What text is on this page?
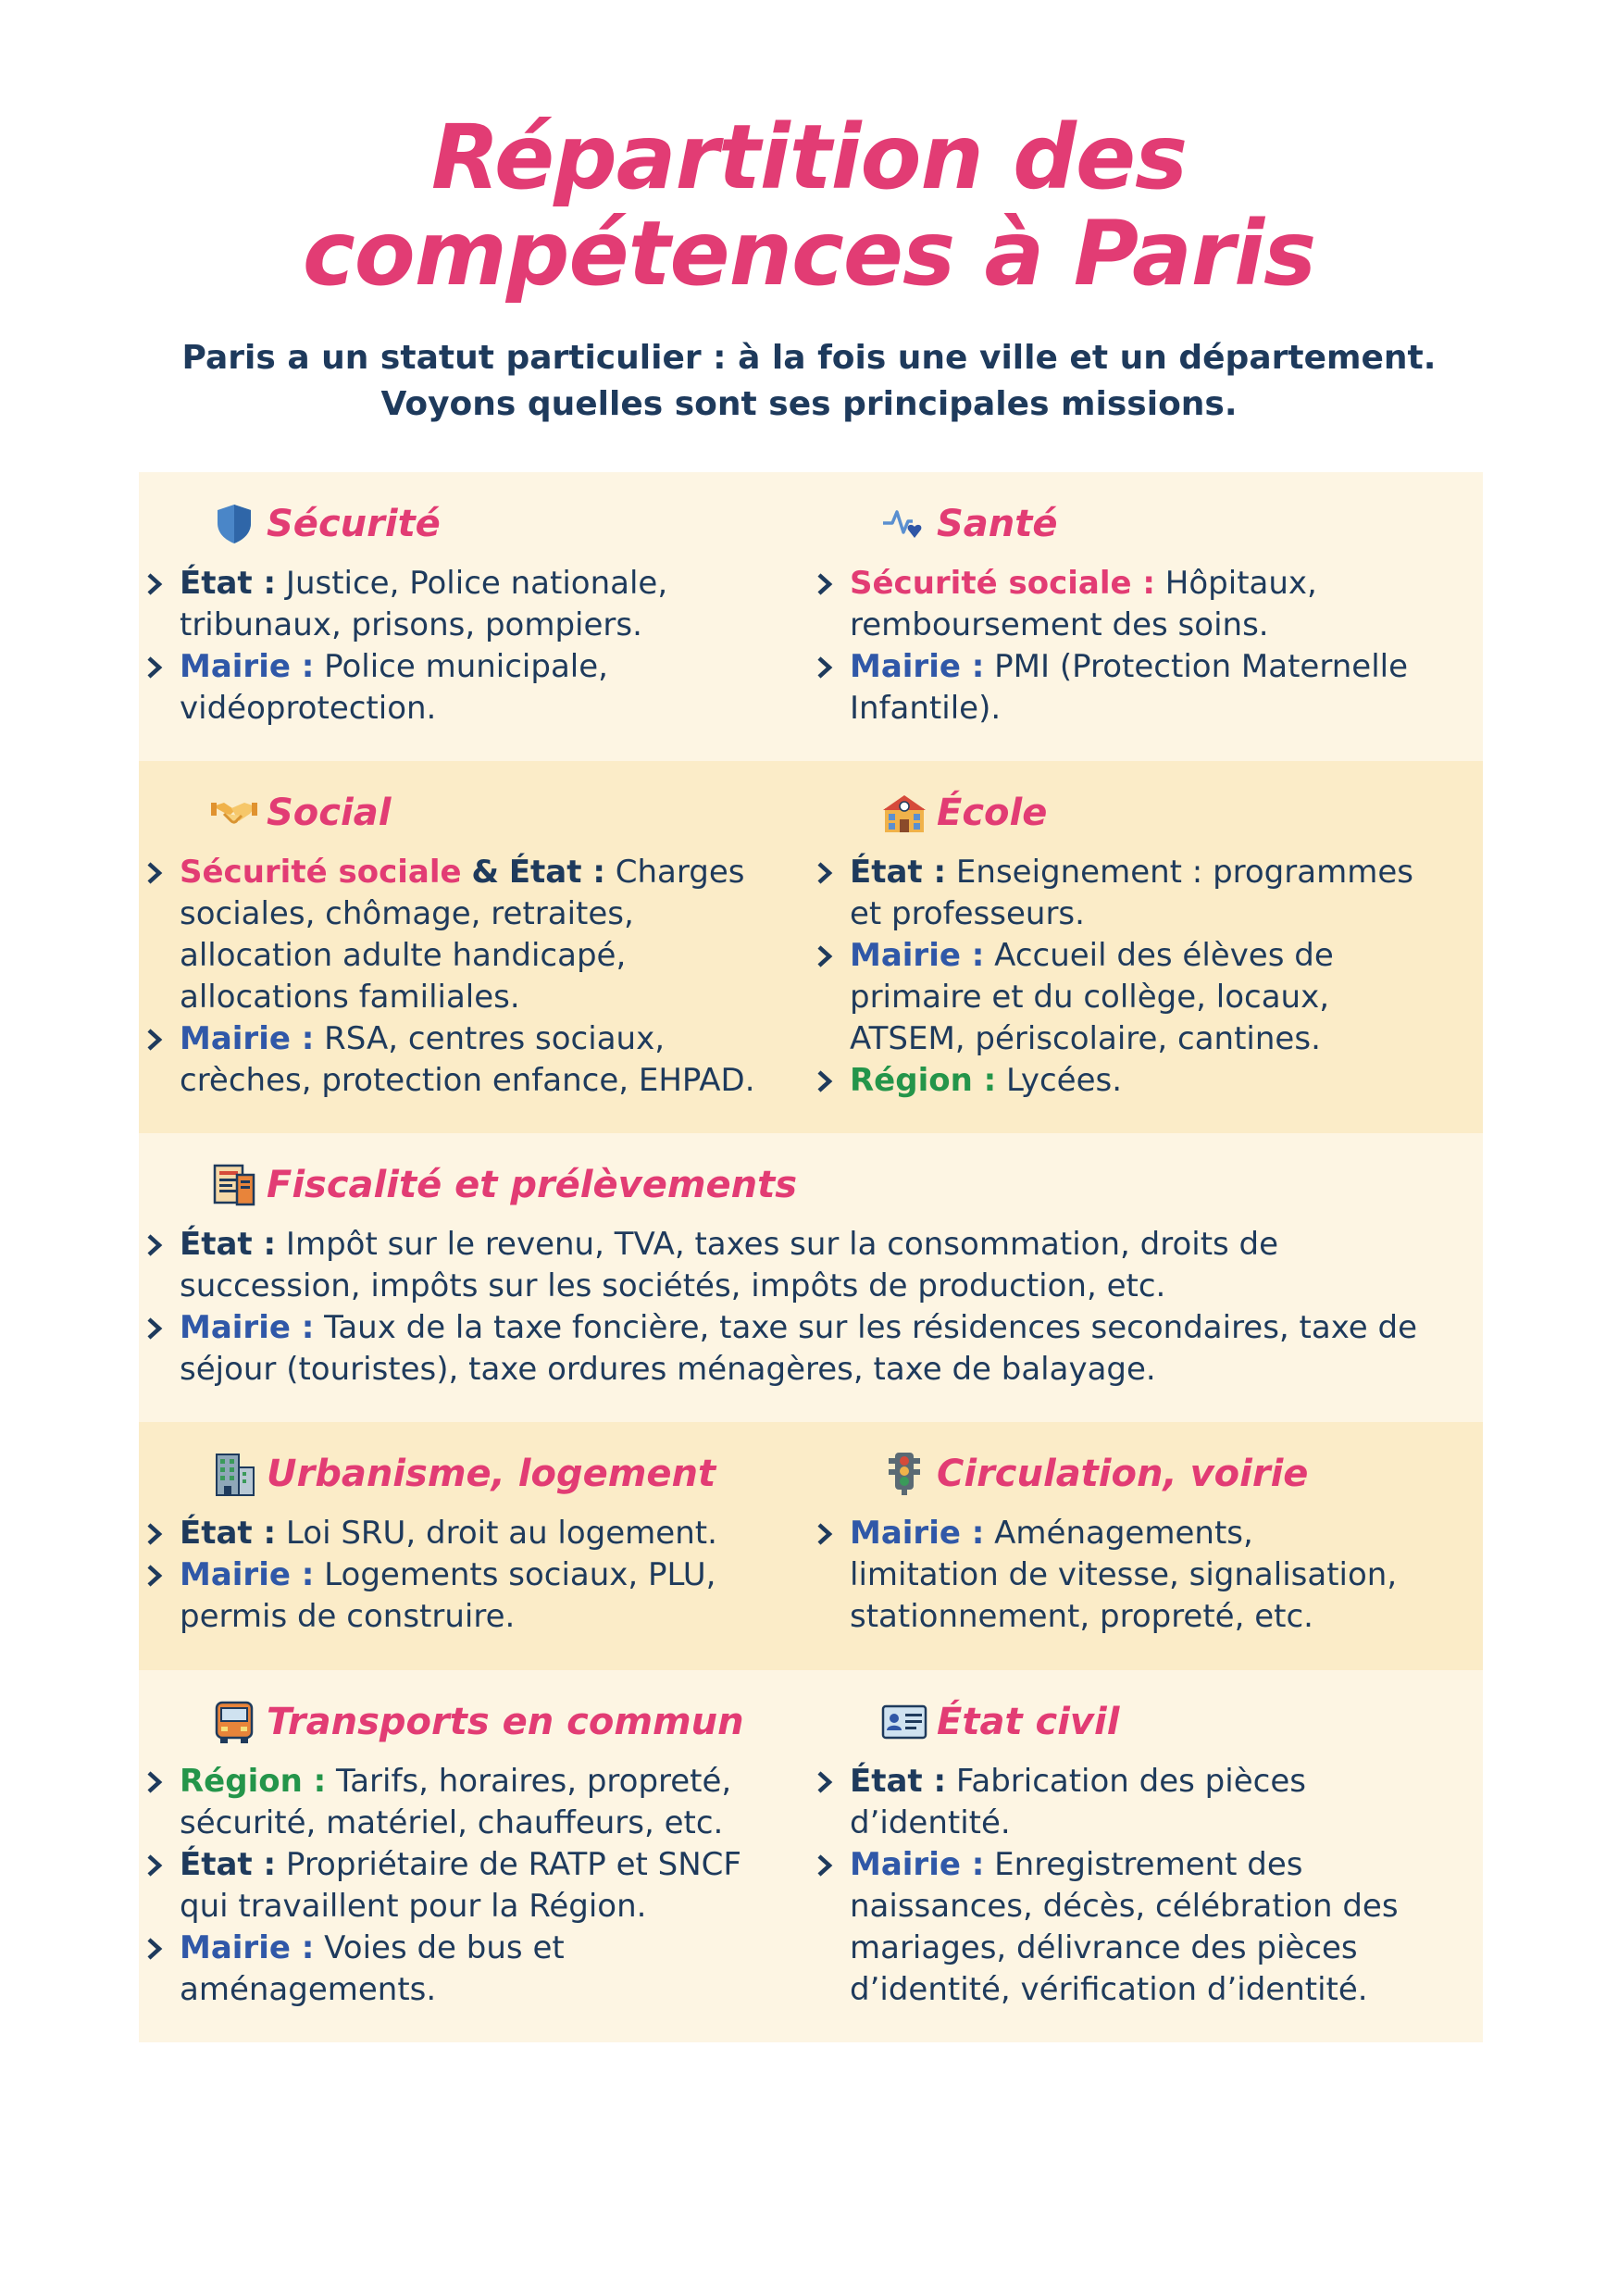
Répartition des
compétences à Paris
Paris a un statut particulier : à la fois une ville et un département.
Voyons quelles sont ses principales missions.
Sécurité
État : Justice, Police nationale,
tribunaux, prisons, pompiers.
Mairie : Police municipale,
vidéoprotection.
Santé
Sécurité sociale : Hôpitaux,
remboursement des soins.
Mairie : PMI (Protection Maternelle
Infantile).
Social
Sécurité sociale & État : Charges
sociales, chômage, retraites,
allocation adulte handicapé,
allocations familiales.
Mairie : RSA, centres sociaux,
crèches, protection enfance, EHPAD.
École
État : Enseignement : programmes
et professeurs.
Mairie : Accueil des élèves de
primaire et du collège, locaux,
ATSEM, périscolaire, cantines.
Région : Lycées.
Fiscalité et prélèvements
État : Impôt sur le revenu, TVA, taxes sur la consommation, droits de
succession, impôts sur les sociétés, impôts de production, etc.
Mairie : Taux de la taxe foncière, taxe sur les résidences secondaires, taxe de
séjour (touristes), taxe ordures ménagères, taxe de balayage.
Urbanisme, logement
État : Loi SRU, droit au logement.
Mairie : Logements sociaux, PLU,
permis de construire.
Circulation, voirie
Mairie : Aménagements,
limitation de vitesse, signalisation,
stationnement, propreté, etc.
Transports en commun
Région : Tarifs, horaires, propreté,
sécurité, matériel, chauffeurs, etc.
État : Propriétaire de RATP et SNCF
qui travaillent pour la Région.
Mairie : Voies de bus et
aménagements.
État civil
État : Fabrication des pièces
d’identité.
Mairie : Enregistrement des
naissances, décès, célébration des
mariages, délivrance des pièces
d’identité, vérification d’identité.
